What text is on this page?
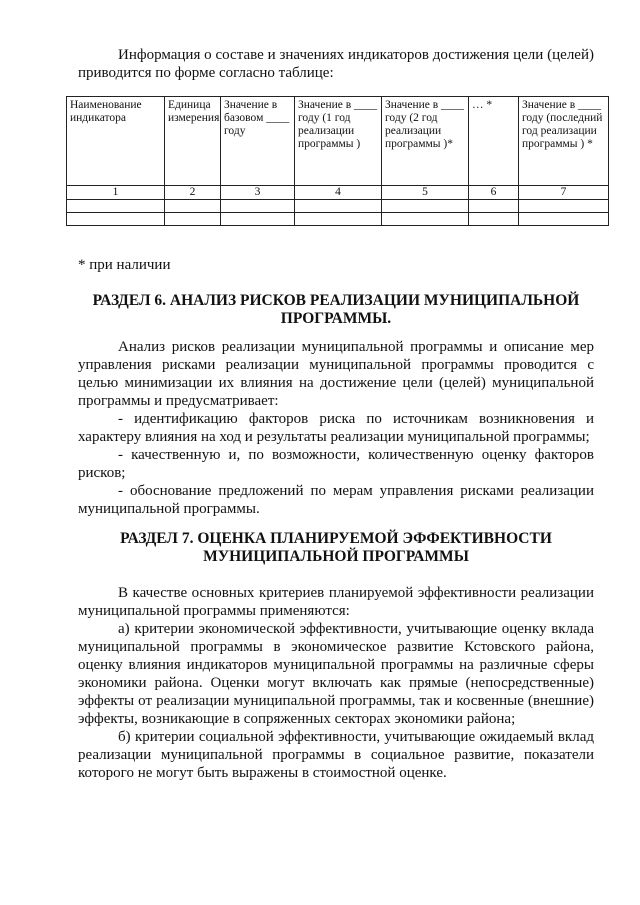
Информация о составе и значениях индикаторов достижения цели (целей) приводится по форме согласно таблице:

Наименование индикатора	Единица измерения	Значение в базовом ____ году	Значение в ____ году (1 год реализации программы )	Значение в ____ году (2 год реализации программы )*	… *	Значение в ____ году (последний год реализации программы ) *
1	2	3	4	5	6	7

* при наличии

РАЗДЕЛ 6. АНАЛИЗ РИСКОВ РЕАЛИЗАЦИИ МУНИЦИПАЛЬНОЙ ПРОГРАММЫ.

Анализ рисков реализации муниципальной программы и описание мер управления рисками реализации муниципальной программы проводится с целью минимизации их влияния на достижение цели (целей) муниципальной программы и предусматривает:

- идентификацию факторов риска по источникам возникновения и характеру влияния на ход и результаты реализации муниципальной программы;

- качественную и, по возможности, количественную оценку факторов рисков;

- обоснование предложений по мерам управления рисками реализации муниципальной программы.

РАЗДЕЛ 7. ОЦЕНКА ПЛАНИРУЕМОЙ ЭФФЕКТИВНОСТИ МУНИЦИПАЛЬНОЙ ПРОГРАММЫ

В качестве основных критериев планируемой эффективности реализации муниципальной программы применяются:

а) критерии экономической эффективности, учитывающие оценку вклада муниципальной программы в экономическое развитие Кстовского района, оценку влияния индикаторов муниципальной программы на различные сферы экономики района. Оценки могут включать как прямые (непосредственные) эффекты от реализации муниципальной программы, так и косвенные (внешние) эффекты, возникающие в сопряженных секторах экономики района;

б) критерии социальной эффективности, учитывающие ожидаемый вклад реализации муниципальной программы в социальное развитие, показатели которого не могут быть выражены в стоимостной оценке.
